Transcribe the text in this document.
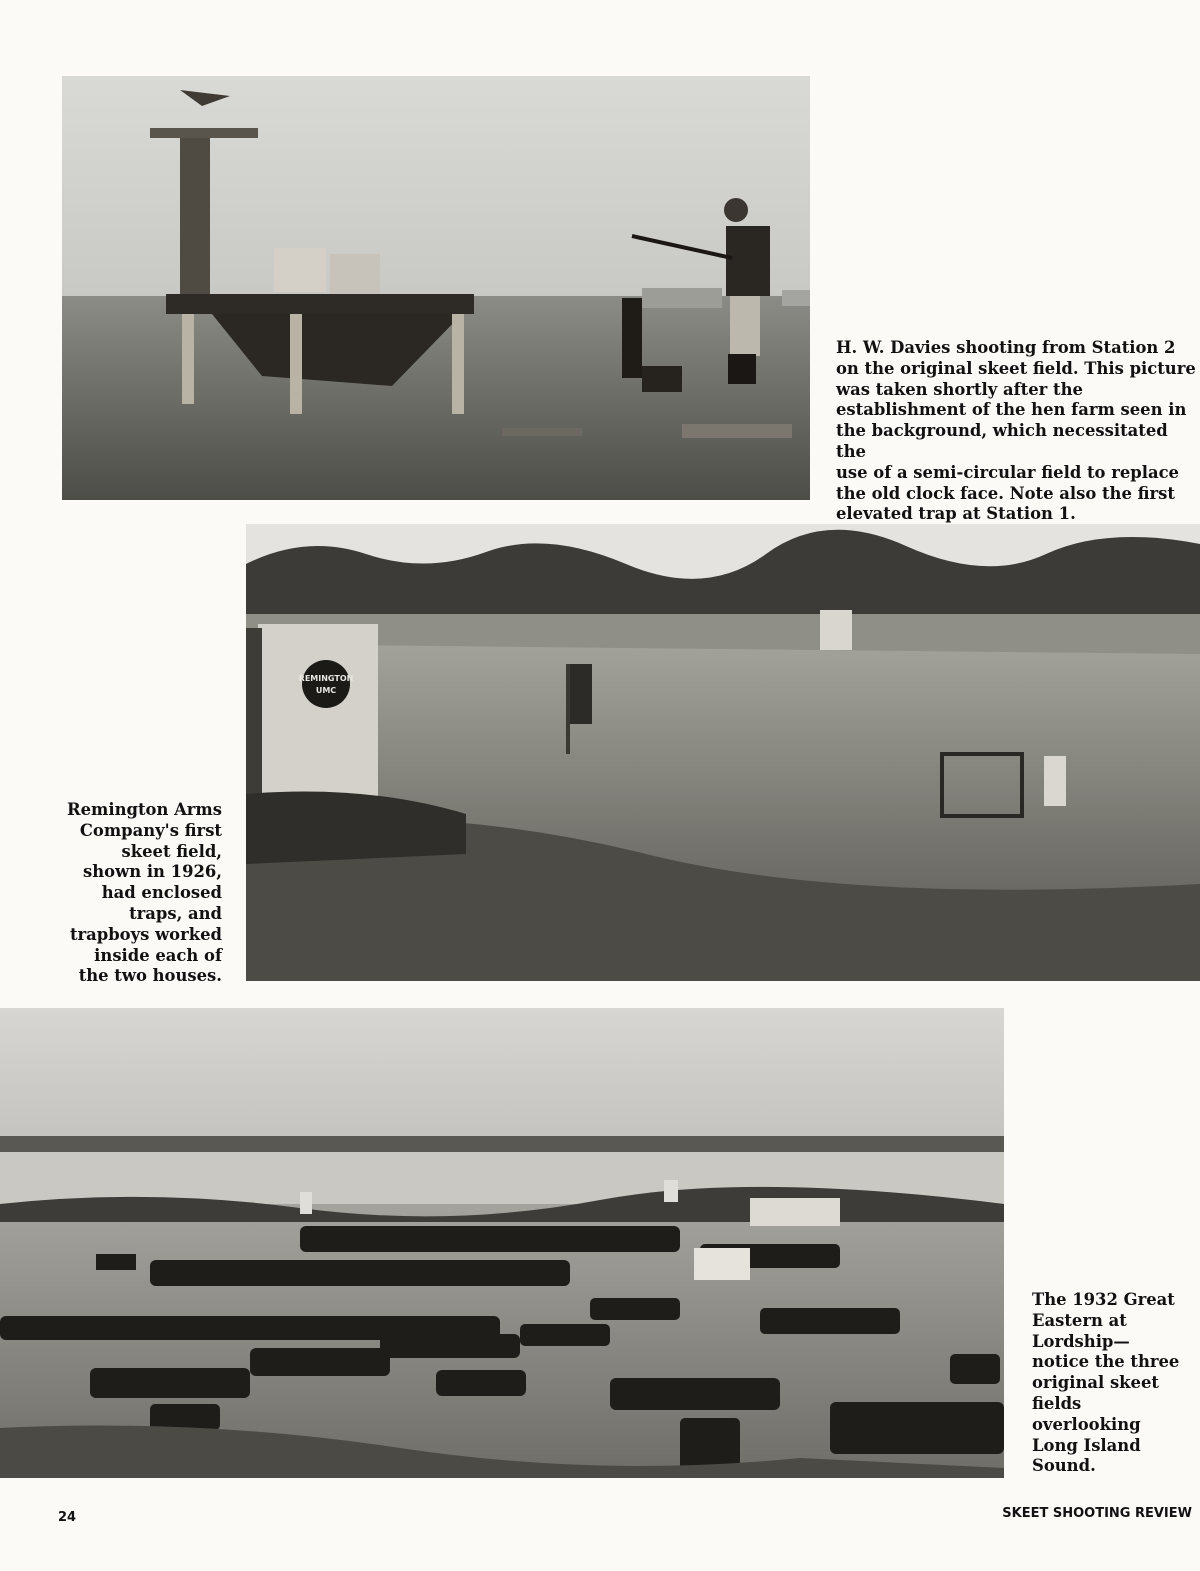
H. W. Davies shooting from Station 2
on the original skeet field. This picture
was taken shortly after the
establishment of the hen farm seen in
the background, which necessitated the
use of a semi-circular field to replace
the old clock face. Note also the first
elevated trap at Station 1.
REMINGTON
UMC
Remington Arms
Company's first
skeet field,
shown in 1926,
had enclosed
traps, and
trapboys worked
inside each of
the two houses.
The 1932 Great
Eastern at
Lordship—
notice the three
original skeet
fields
overlooking
Long Island
Sound.
24	SKEET SHOOTING REVIEW
